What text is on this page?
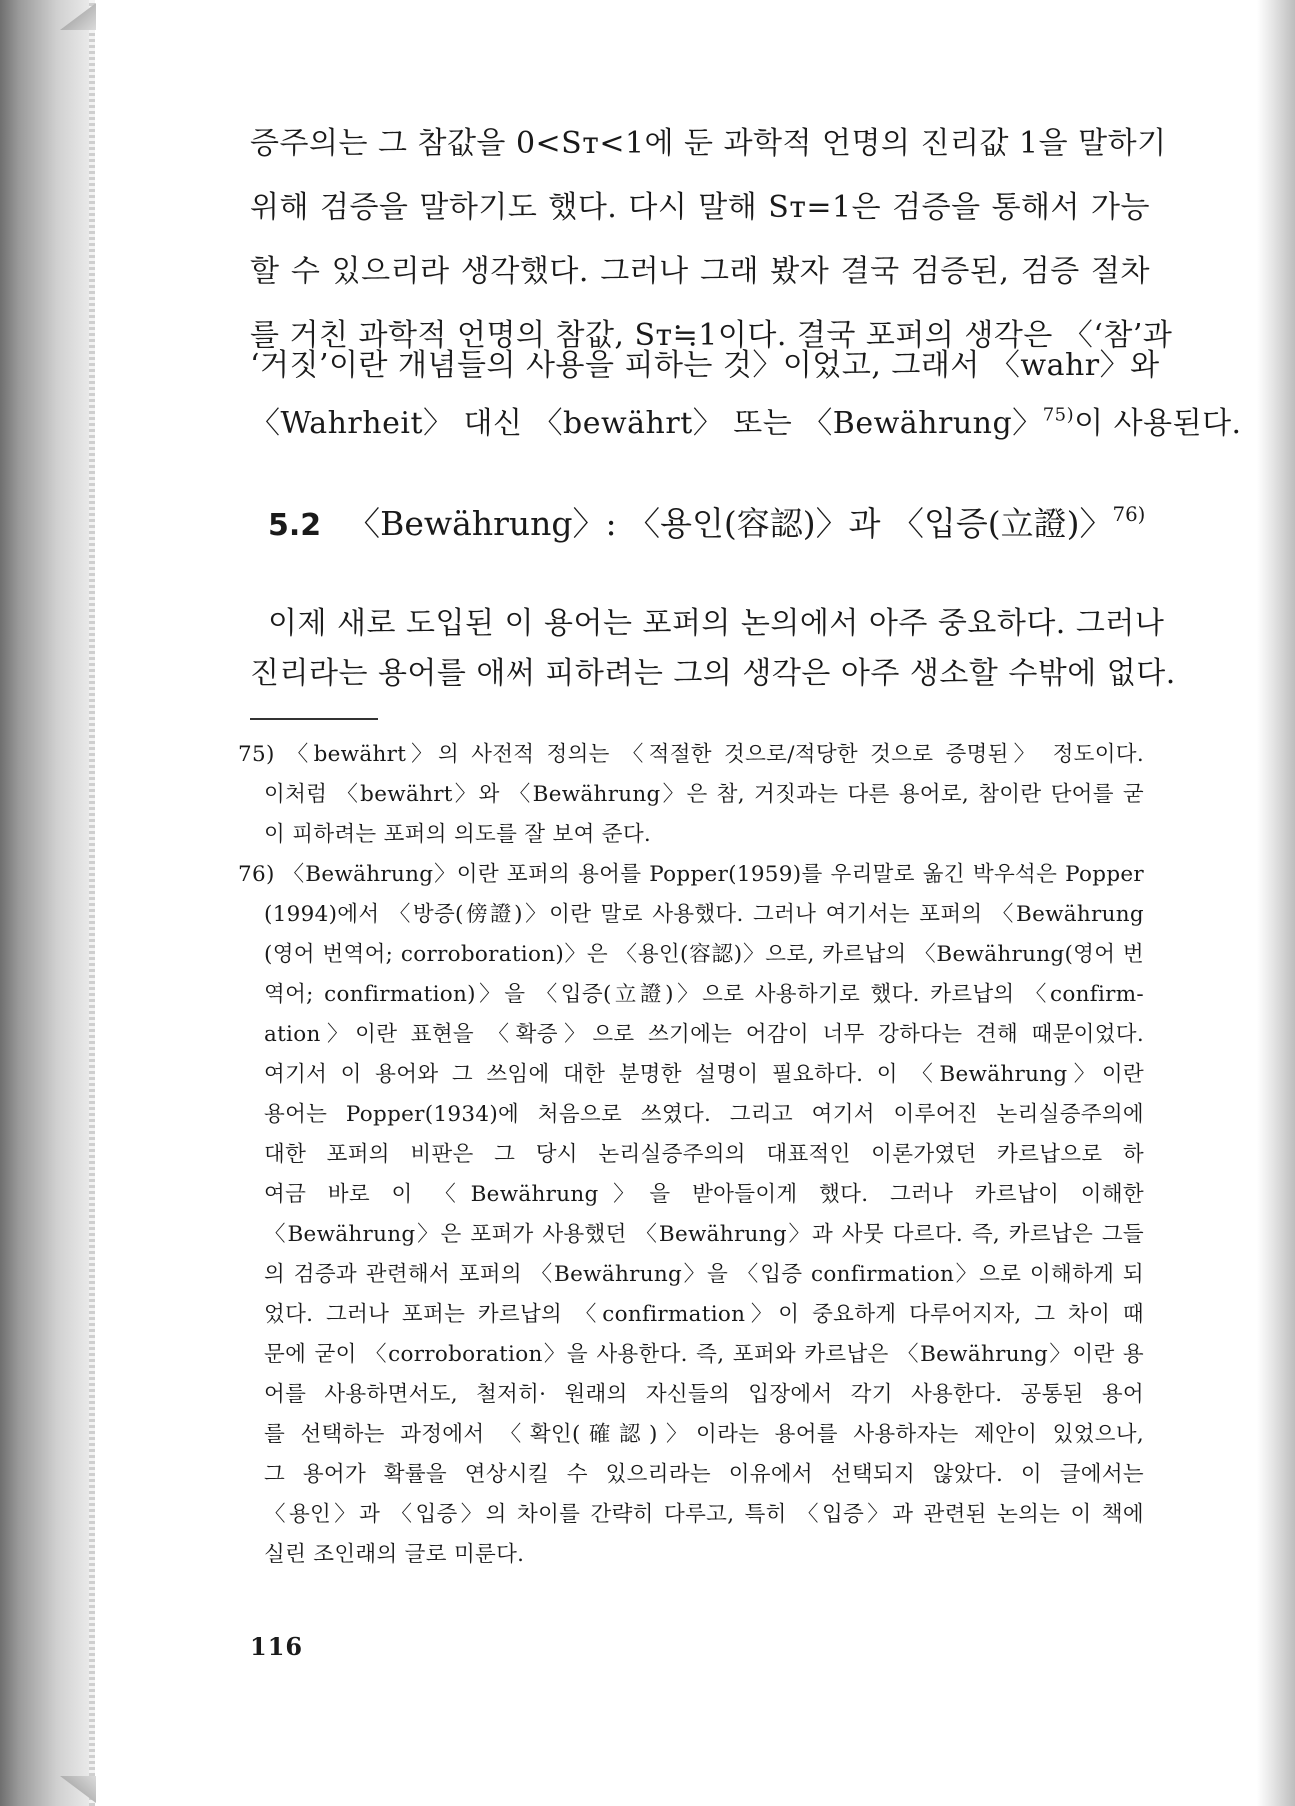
증주의는 그 참값을 0<Sᴛ<1에 둔 과학적 언명의 진리값 1을 말하기
위해 검증을 말하기도 했다. 다시 말해 Sᴛ=1은 검증을 통해서 가능
할 수 있으리라 생각했다. 그러나 그래 봤자 결국 검증된, 검증 절차
를 거친 과학적 언명의 참값, Sᴛ≒1이다. 결국 포퍼의 생각은 〈‘참’과
‘거짓’이란 개념들의 사용을 피하는 것〉이었고, 그래서 〈wahr〉와
〈Wahrheit〉 대신 〈bewährt〉 또는 〈Bewährung〉$^{75)}$이 사용된다.
5.2 〈Bewährung〉: 〈용인(容認)〉과 〈입증(立證)〉$^{76)}$
이제 새로 도입된 이 용어는 포퍼의 논의에서 아주 중요하다. 그러나
진리라는 용어를 애써 피하려는 그의 생각은 아주 생소할 수밖에 없다.
75) 〈bewährt〉의 사전적 정의는 〈적절한 것으로/적당한 것으로 증명된〉 정도이다.
이처럼 〈bewährt〉와 〈Bewährung〉은 참, 거짓과는 다른 용어로, 참이란 단어를 굳
이 피하려는 포퍼의 의도를 잘 보여 준다.
76) 〈Bewährung〉이란 포퍼의 용어를 Popper(1959)를 우리말로 옮긴 박우석은 Popper
(1994)에서 〈방증(傍證)〉이란 말로 사용했다. 그러나 여기서는 포퍼의 〈Bewährung
(영어 번역어; corroboration)〉은 〈용인(容認)〉으로, 카르납의 〈Bewährung(영어 번
역어; confirmation)〉을 〈입증(立證)〉으로 사용하기로 했다. 카르납의 〈confirm-
ation〉이란 표현을 〈확증〉으로 쓰기에는 어감이 너무 강하다는 견해 때문이었다.
여기서 이 용어와 그 쓰임에 대한 분명한 설명이 필요하다. 이 〈Bewährung〉이란
용어는 Popper(1934)에 처음으로 쓰였다. 그리고 여기서 이루어진 논리실증주의에
대한 포퍼의 비판은 그 당시 논리실증주의의 대표적인 이론가였던 카르납으로 하
여금 바로 이 〈Bewährung〉을 받아들이게 했다. 그러나 카르납이 이해한
〈Bewährung〉은 포퍼가 사용했던 〈Bewährung〉과 사뭇 다르다. 즉, 카르납은 그들
의 검증과 관련해서 포퍼의 〈Bewährung〉을 〈입증 confirmation〉으로 이해하게 되
었다. 그러나 포퍼는 카르납의 〈confirmation〉이 중요하게 다루어지자, 그 차이 때
문에 굳이 〈corroboration〉을 사용한다. 즉, 포퍼와 카르납은 〈Bewährung〉이란 용
어를 사용하면서도, 철저히· 원래의 자신들의 입장에서 각기 사용한다. 공통된 용어
를 선택하는 과정에서 〈확인(確認)〉이라는 용어를 사용하자는 제안이 있었으나,
그 용어가 확률을 연상시킬 수 있으리라는 이유에서 선택되지 않았다. 이 글에서는
〈용인〉과 〈입증〉의 차이를 간략히 다루고, 특히 〈입증〉과 관련된 논의는 이 책에
실린 조인래의 글로 미룬다.
116
